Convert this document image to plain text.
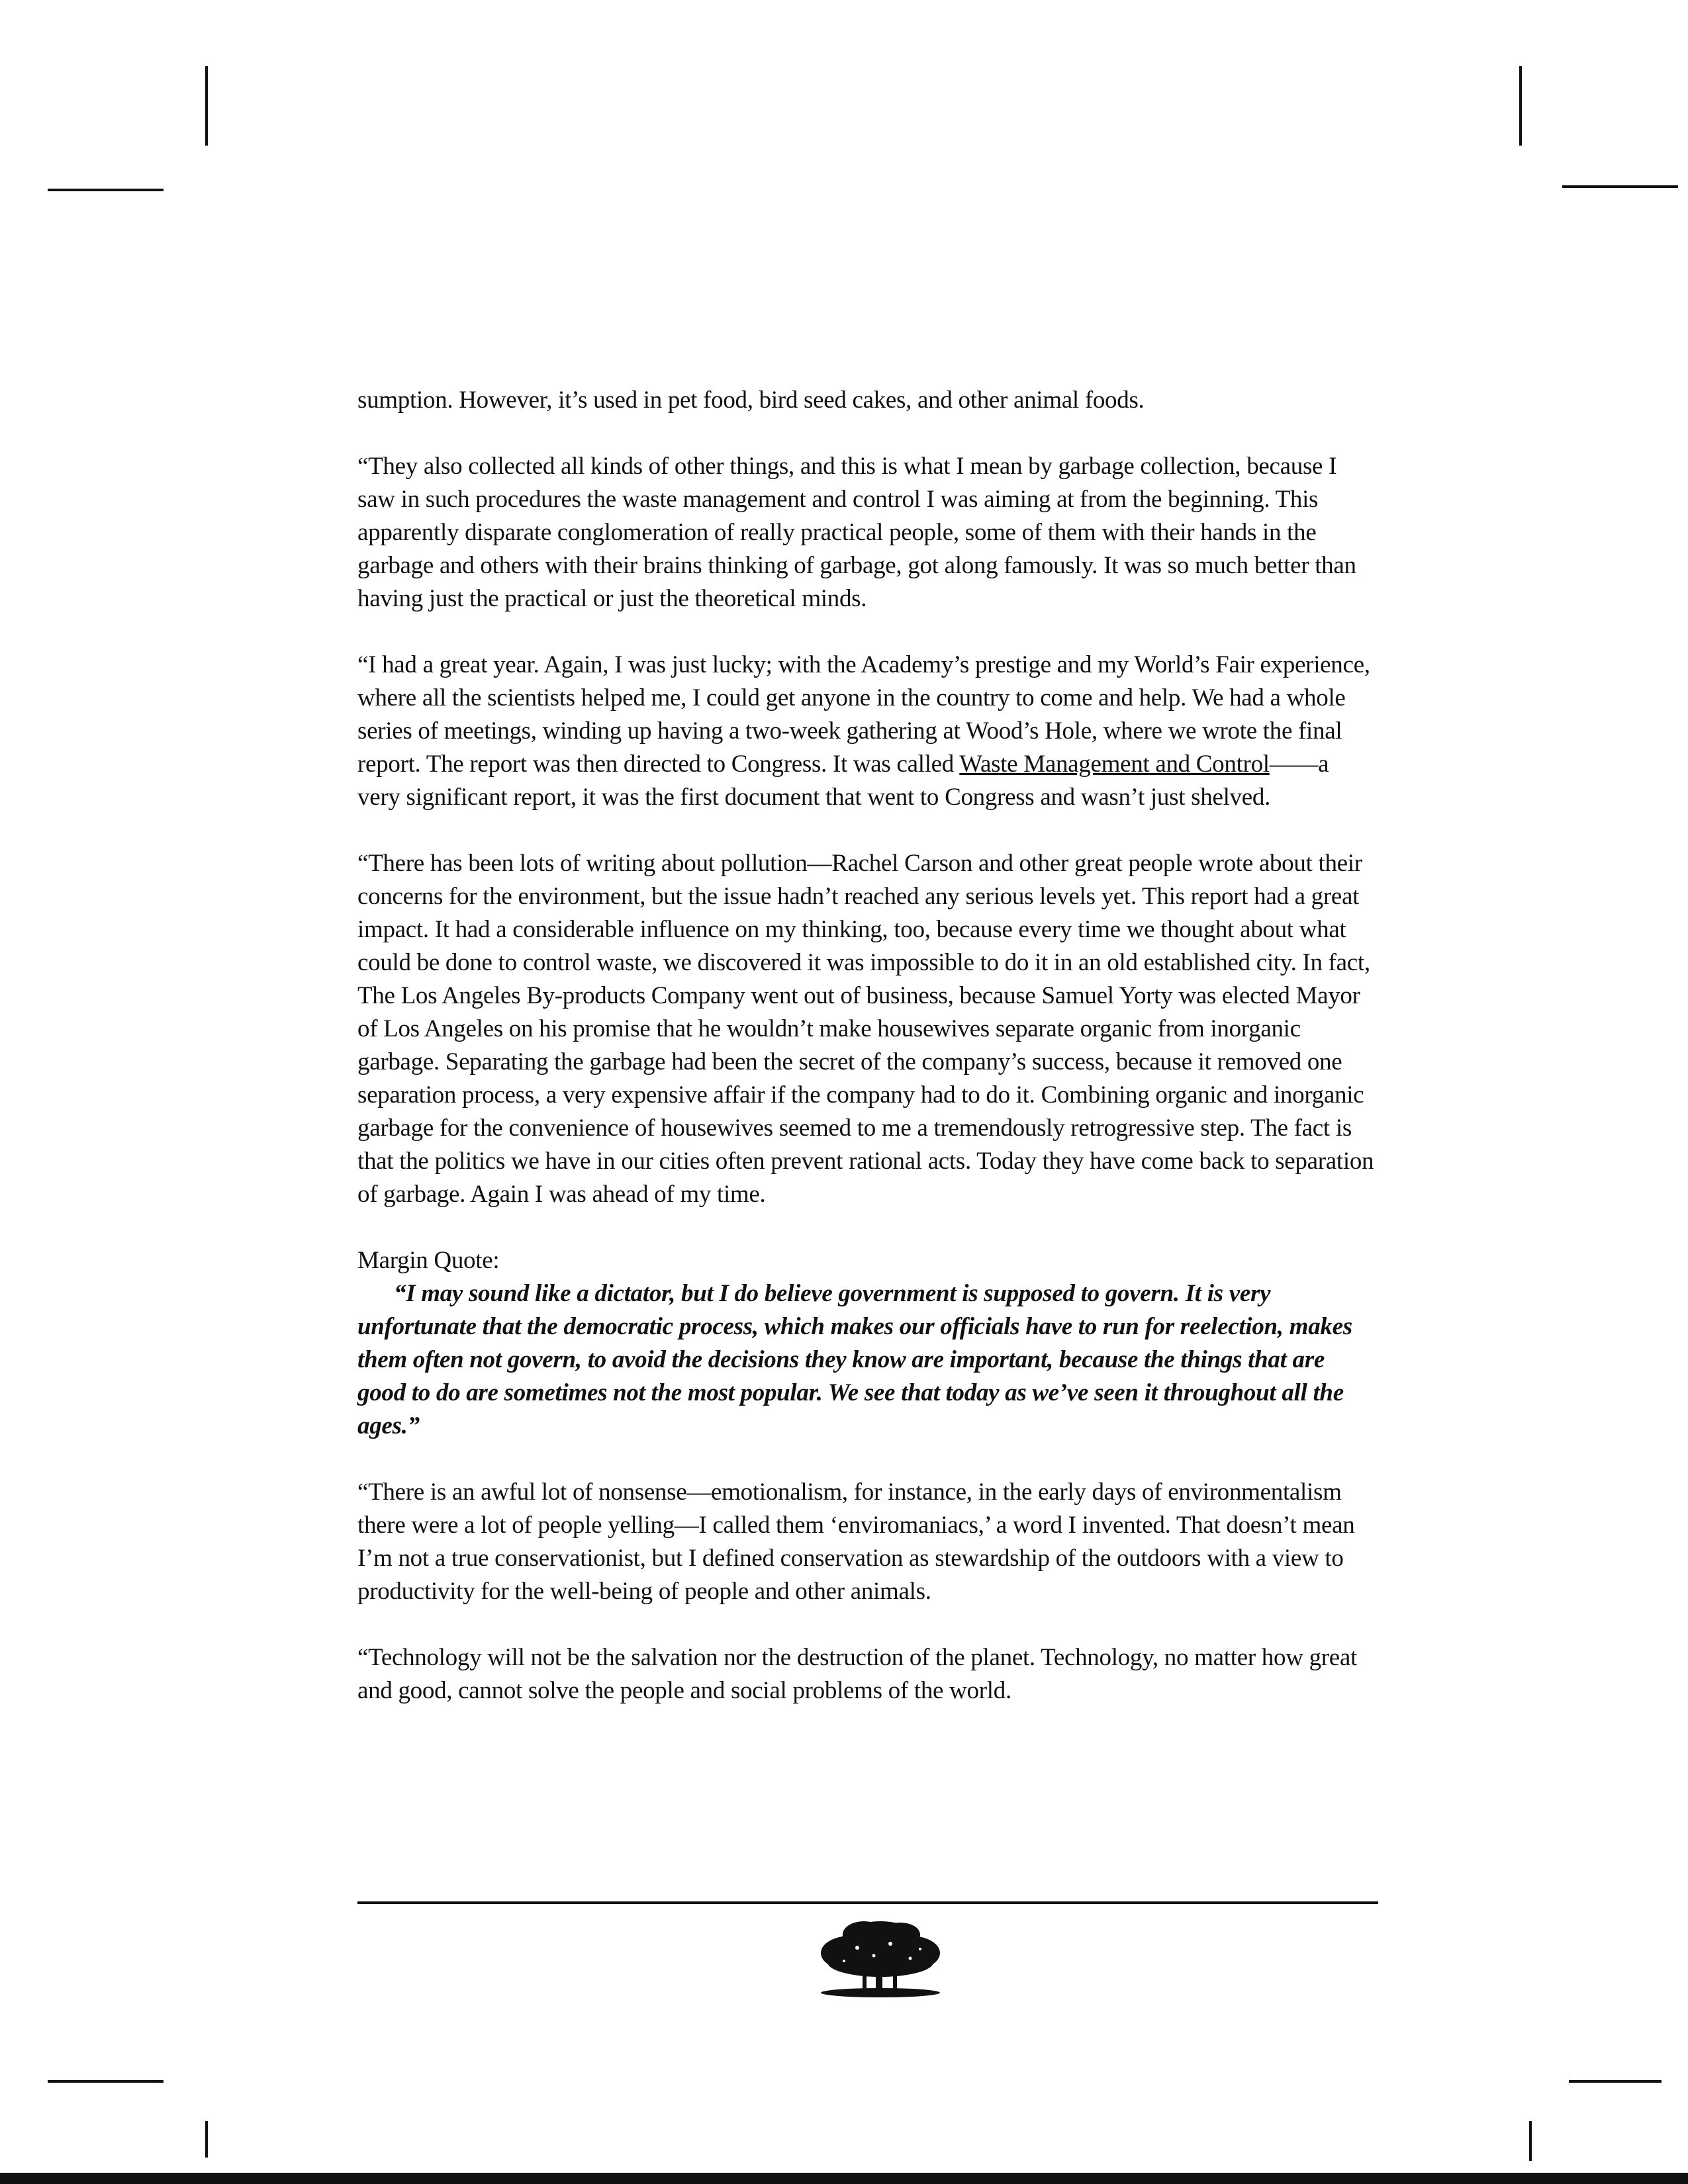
sumption. However, it’s used in pet food, bird seed cakes, and other animal foods.

“They also collected all kinds of other things, and this is what I mean by garbage collection, because I saw in such procedures the waste management and control I was aiming at from the beginning. This apparently disparate conglomeration of really practical people, some of them with their hands in the garbage and others with their brains thinking of garbage, got along famously. It was so much better than having just the practical or just the theoretical minds.

“I had a great year. Again, I was just lucky; with the Academy’s prestige and my World’s Fair experience, where all the scientists helped me, I could get anyone in the country to come and help. We had a whole series of meetings, winding up having a two-week gathering at Wood’s Hole, where we wrote the final report. The report was then directed to Congress. It was called Waste Management and Control——a very significant report, it was the first document that went to Congress and wasn’t just shelved.

“There has been lots of writing about pollution—Rachel Carson and other great people wrote about their concerns for the environment, but the issue hadn’t reached any serious levels yet. This report had a great impact. It had a considerable influence on my thinking, too, because every time we thought about what could be done to control waste, we discovered it was impossible to do it in an old established city. In fact, The Los Angeles By-products Company went out of business, because Samuel Yorty was elected Mayor of Los Angeles on his promise that he wouldn’t make housewives separate organic from inorganic garbage. Separating the garbage had been the secret of the company’s success, because it removed one separation process, a very expensive affair if the company had to do it. Combining organic and inorganic garbage for the convenience of housewives seemed to me a tremendously retrogressive step. The fact is that the politics we have in our cities often prevent rational acts. Today they have come back to separation of garbage. Again I was ahead of my time.

Margin Quote:

“I may sound like a dictator, but I do believe government is supposed to govern. It is very unfortunate that the democratic process, which makes our officials have to run for reelection, makes them often not govern, to avoid the decisions they know are important, because the things that are good to do are sometimes not the most popular. We see that today as we’ve seen it throughout all the ages.”

“There is an awful lot of nonsense—emotionalism, for instance, in the early days of environmentalism there were a lot of people yelling—I called them ‘enviromaniacs,’ a word I invented. That doesn’t mean I’m not a true conservationist, but I defined conservation as stewardship of the outdoors with a view to productivity for the well-being of people and other animals.

“Technology will not be the salvation nor the destruction of the planet. Technology, no matter how great and good, cannot solve the people and social problems of the world.
